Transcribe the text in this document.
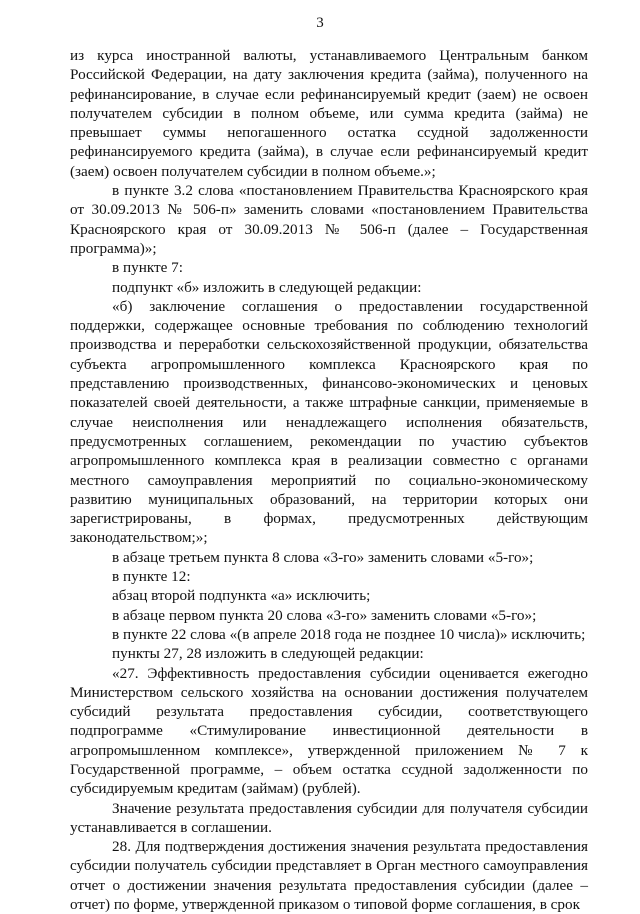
3

из курса иностранной валюты, устанавливаемого Центральным банком Российской Федерации, на дату заключения кредита (займа), полученного на рефинансирование, в случае если рефинансируемый кредит (заем) не освоен получателем субсидии в полном объеме, или сумма кредита (займа) не превышает суммы непогашенного остатка ссудной задолженности рефинансируемого кредита (займа), в случае если рефинансируемый кредит (заем) освоен получателем субсидии в полном объеме.»;

в пункте 3.2 слова «постановлением Правительства Красноярского края от 30.09.2013 № 506-п» заменить словами «постановлением Правительства Красноярского края от 30.09.2013 № 506-п (далее – Государственная программа)»;

в пункте 7:

подпункт «б» изложить в следующей редакции:

«б) заключение соглашения о предоставлении государственной поддержки, содержащее основные требования по соблюдению технологий производства и переработки сельскохозяйственной продукции, обязательства субъекта агропромышленного комплекса Красноярского края по представлению производственных, финансово-экономических и ценовых показателей своей деятельности, а также штрафные санкции, применяемые в случае неисполнения или ненадлежащего исполнения обязательств, предусмотренных соглашением, рекомендации по участию субъектов агропромышленного комплекса края в реализации совместно с органами местного самоуправления мероприятий по социально-экономическому развитию муниципальных образований, на территории которых они зарегистрированы, в формах, предусмотренных действующим законодательством;»;

в абзаце третьем пункта 8 слова «3-го» заменить словами «5-го»;

в пункте 12:

абзац второй подпункта «а» исключить;

в абзаце первом пункта 20 слова «3-го» заменить словами «5-го»;

в пункте 22 слова «(в апреле 2018 года не позднее 10 числа)» исключить;

пункты 27, 28 изложить в следующей редакции:

«27. Эффективность предоставления субсидии оценивается ежегодно Министерством сельского хозяйства на основании достижения получателем субсидий результата предоставления субсидии, соответствующего подпрограмме «Стимулирование инвестиционной деятельности в агропромышленном комплексе», утвержденной приложением № 7 к Государственной программе, – объем остатка ссудной задолженности по субсидируемым кредитам (займам) (рублей).

Значение результата предоставления субсидии для получателя субсидии устанавливается в соглашении.

28. Для подтверждения достижения значения результата предоставления субсидии получатель субсидии представляет в Орган местного самоуправления отчет о достижении значения результата предоставления субсидии (далее – отчет) по форме, утвержденной приказом о типовой форме соглашения, в срок
